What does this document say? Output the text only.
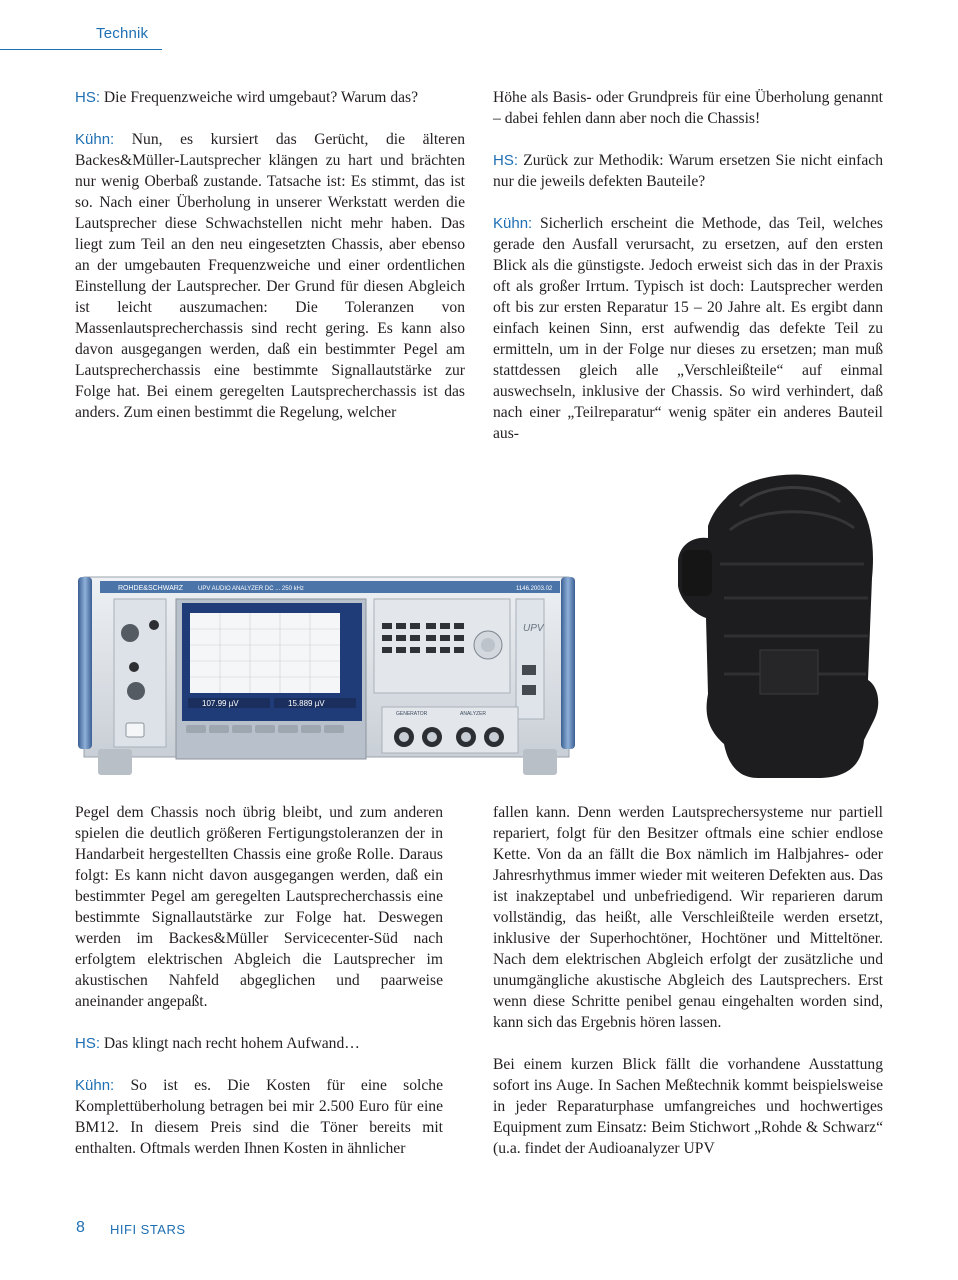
Technik

HS: Die Frequenzweiche wird umgebaut? Warum das?

Kühn: Nun, es kursiert das Gerücht, die älteren Backes&Müller-Lautsprecher klängen zu hart und brächten nur wenig Oberbaß zustande. Tatsache ist: Es stimmt, das ist so. Nach einer Überholung in unserer Werkstatt werden die Lautsprecher diese Schwachstellen nicht mehr haben. Das liegt zum Teil an den neu eingesetzten Chassis, aber ebenso an der umgebauten Frequenzweiche und einer ordentlichen Einstellung der Lautsprecher. Der Grund für diesen Abgleich ist leicht auszumachen: Die Toleranzen von Massenlautsprecherchassis sind recht gering. Es kann also davon ausgegangen werden, daß ein bestimmter Pegel am Lautsprecherchassis eine bestimmte Signallautstärke zur Folge hat. Bei einem geregelten Lautsprecherchassis ist das anders. Zum einen bestimmt die Regelung, welcher

Höhe als Basis- oder Grundpreis für eine Überholung genannt – dabei fehlen dann aber noch die Chassis!

HS: Zurück zur Methodik: Warum ersetzen Sie nicht einfach nur die jeweils defekten Bauteile?

Kühn: Sicherlich erscheint die Methode, das Teil, welches gerade den Ausfall verursacht, zu ersetzen, auf den ersten Blick als die günstigste. Jedoch erweist sich das in der Praxis oft als großer Irrtum. Typisch ist doch: Lautsprecher werden oft bis zur ersten Reparatur 15 – 20 Jahre alt. Es ergibt dann einfach keinen Sinn, erst aufwendig das defekte Teil zu ermitteln, um in der Folge nur dieses zu ersetzen; man muß stattdessen gleich alle „Verschleißteile“ auf einmal auswechseln, inklusive der Chassis. So wird verhindert, daß nach einer „Teilreparatur“ wenig später ein anderes Bauteil aus-

ROHDE&SCHWARZ UPV AUDIO ANALYZER DC ... 250 kHz	1146.2003.02
107.99 µV	15.889 µV
UPV
GENERATOR	ANALYZER

Pegel dem Chassis noch übrig bleibt, und zum anderen spielen die deutlich größeren Fertigungstoleranzen der in Handarbeit hergestellten Chassis eine große Rolle. Daraus folgt: Es kann nicht davon ausgegangen werden, daß ein bestimmter Pegel am geregelten Lautsprecherchassis eine bestimmte Signallautstärke zur Folge hat. Deswegen werden im Backes&Müller Servicecenter-Süd nach erfolgtem elektrischen Abgleich die Lautsprecher im akustischen Nahfeld abgeglichen und paarweise aneinander angepaßt.

HS: Das klingt nach recht hohem Aufwand…

Kühn: So ist es. Die Kosten für eine solche Komplettüberholung betragen bei mir 2.500 Euro für eine BM12. In diesem Preis sind die Töner bereits mit enthalten. Oftmals werden Ihnen Kosten in ähnlicher

fallen kann. Denn werden Lautsprechersysteme nur partiell repariert, folgt für den Besitzer oftmals eine schier endlose Kette. Von da an fällt die Box nämlich im Halbjahres- oder Jahresrhythmus immer wieder mit weiteren Defekten aus. Das ist inakzeptabel und unbefriedigend. Wir reparieren darum vollständig, das heißt, alle Verschleißteile werden ersetzt, inklusive der Superhochtöner, Hochtöner und Mitteltöner. Nach dem elektrischen Abgleich erfolgt der zusätzliche und unumgängliche akustische Abgleich des Lautsprechers. Erst wenn diese Schritte penibel genau eingehalten worden sind, kann sich das Ergebnis hören lassen.

Bei einem kurzen Blick fällt die vorhandene Ausstattung sofort ins Auge. In Sachen Meßtechnik kommt beispielsweise in jeder Reparaturphase umfangreiches und hochwertiges Equipment zum Einsatz: Beim Stichwort „Rohde & Schwarz“ (u.a. findet der Audioanalyzer UPV

8 HIFI STARS
